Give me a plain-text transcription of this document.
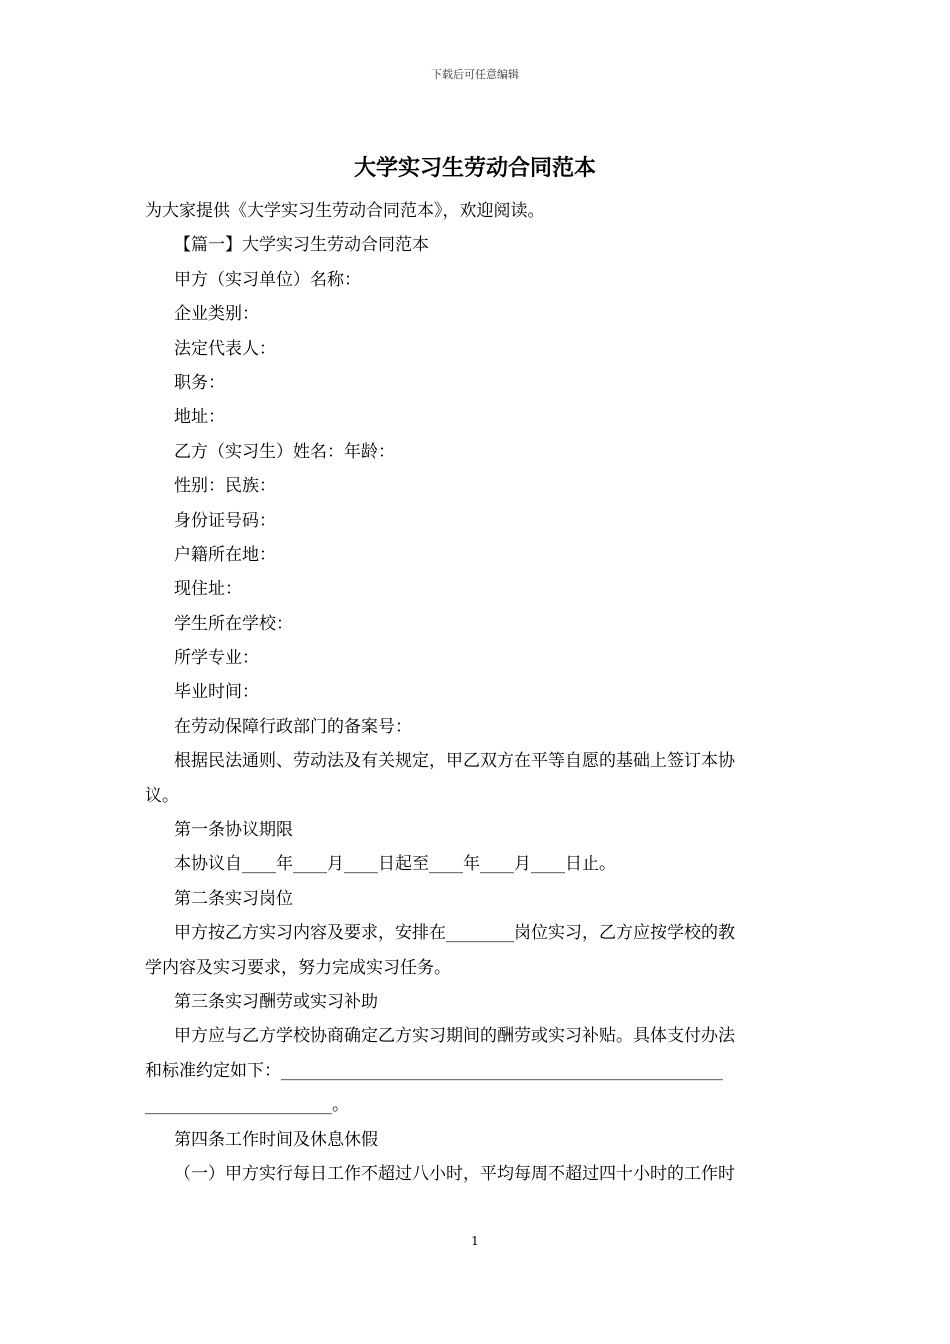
下载后可任意编辑
大学实习生劳动合同范本
为大家提供《大学实习生劳动合同范本》，欢迎阅读。
【篇一】大学实习生劳动合同范本
甲方（实习单位）名称：
企业类别：
法定代表人：
职务：
地址：
乙方（实习生）姓名：年龄：
性别：民族：
身份证号码：
户籍所在地：
现住址：
学生所在学校：
所学专业：
毕业时间：
在劳动保障行政部门的备案号：
根据民法通则、劳动法及有关规定，甲乙双方在平等自愿的基础上签订本协
议。
第一条协议期限
本协议自____年____月____日起至____年____月____日止。
第二条实习岗位
甲方按乙方实习内容及要求，安排在________岗位实习，乙方应按学校的教
学内容及实习要求，努力完成实习任务。
第三条实习酬劳或实习补助
甲方应与乙方学校协商确定乙方实习期间的酬劳或实习补贴。具体支付办法
和标准约定如下：____________________________________________________
______________________。
第四条工作时间及休息休假
（一）甲方实行每日工作不超过八小时，平均每周不超过四十小时的工作时
1
